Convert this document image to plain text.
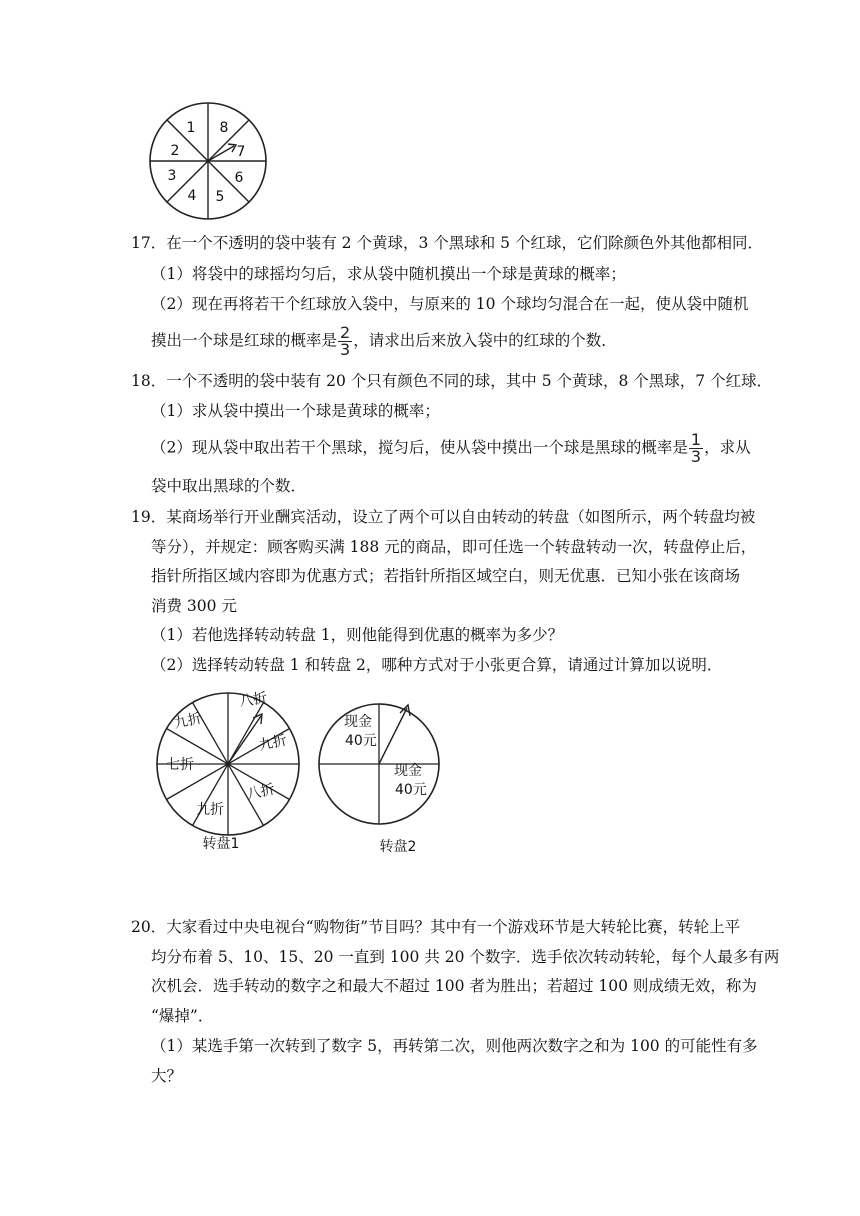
1 8
2	7
3	6
4 5
17．在一个不透明的袋中装有 2 个黄球，3 个黑球和 5 个红球，它们除颜色外其他都相同．
（1）将袋中的球摇均匀后，求从袋中随机摸出一个球是黄球的概率；
（2）现在再将若干个红球放入袋中，与原来的 10 个球均匀混合在一起，使从袋中随机
摸出一个球是红球的概率是 $\frac{2}{3}$ ，请求出后来放入袋中的红球的个数．
18．一个不透明的袋中装有 20 个只有颜色不同的球，其中 5 个黄球，8 个黑球，7 个红球．
（1）求从袋中摸出一个球是黄球的概率；
（2）现从袋中取出若干个黑球，搅匀后，使从袋中摸出一个球是黑球的概率是 $\frac{1}{3}$ ，求从
袋中取出黑球的个数．
19．某商场举行开业酬宾活动，设立了两个可以自由转动的转盘（如图所示，两个转盘均被
等分），并规定：顾客购买满 188 元的商品，即可任选一个转盘转动一次，转盘停止后，
指针所指区域内容即为优惠方式；若指针所指区域空白，则无优惠．已知小张在该商场
消费 300 元
（1）若他选择转动转盘 1，则他能得到优惠的概率为多少？
（2）选择转动转盘 1 和转盘 2，哪种方式对于小张更合算，请通过计算加以说明．
八折
九折
九折
七折
九折
八折
转盘1
现金
40元
现金
40元
转盘2
20．大家看过中央电视台“购物街”节目吗？其中有一个游戏环节是大转轮比赛，转轮上平
均分布着 5、10、15、20 一直到 100 共 20 个数字．选手依次转动转轮，每个人最多有两
次机会．选手转动的数字之和最大不超过 100 者为胜出；若超过 100 则成绩无效，称为
“爆掉”．
（1）某选手第一次转到了数字 5，再转第二次，则他两次数字之和为 100 的可能性有多
大？
